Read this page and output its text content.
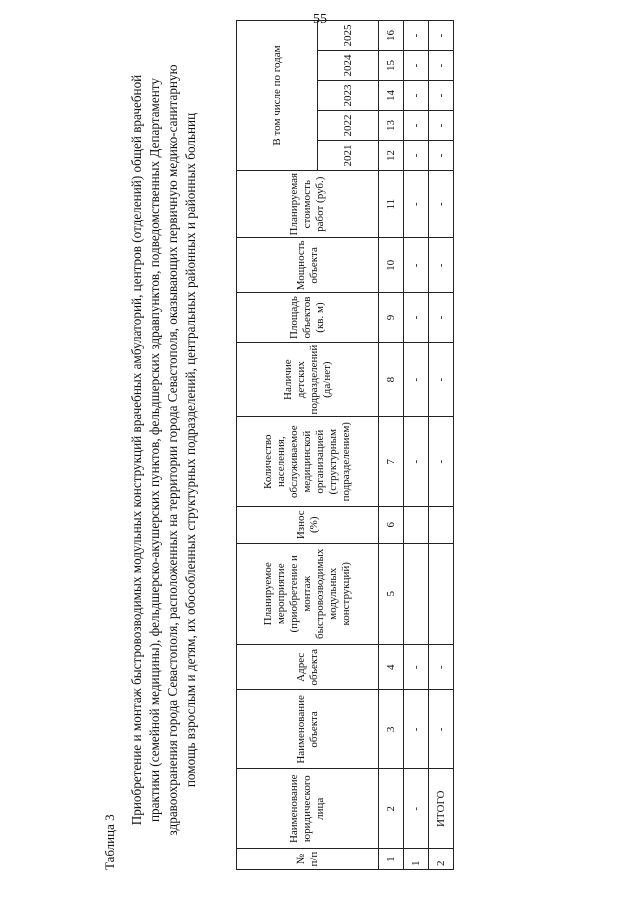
55
Таблица 3
Приобретение и монтаж быстровозводимых модульных конструкций врачебных амбулаторий, центров (отделений) общей врачебной практики (семейной медицины), фельдшерско-акушерских пунктов, фельдшерских здравпунктов, подведомственных Департаменту здравоохранения города Севастополя, расположенных на территории города Севастополя, оказывающих первичную медико-санитарную помощь взрослым и детям, их обособленных структурных подразделений, центральных районных и районных больниц
№ п/п	Наименование юридического лица	Наименование объекта	Адрес объекта	Планируемое мероприятие (приобретение и монтаж быстровозводимых модульных конструкций)	Износ (%)	Количество населения, обслуживаемое медицинской организацией (структурным подразделением)	Наличие детских подразделений (да/нет)	Площадь объектов (кв. м)	Мощность объекта	Планируемая стоимость работ (руб.)	В том числе по годам				
											2021	2022	2023	2024	2025
1	2	3	4	5	6	7	8	9	10	11	12	13	14	15	16
1	-	-	-			-	-	-	-	-	-	-	-	-	-
2	ИТОГО	-	-			-	-	-	-	-	-	-	-	-	-
